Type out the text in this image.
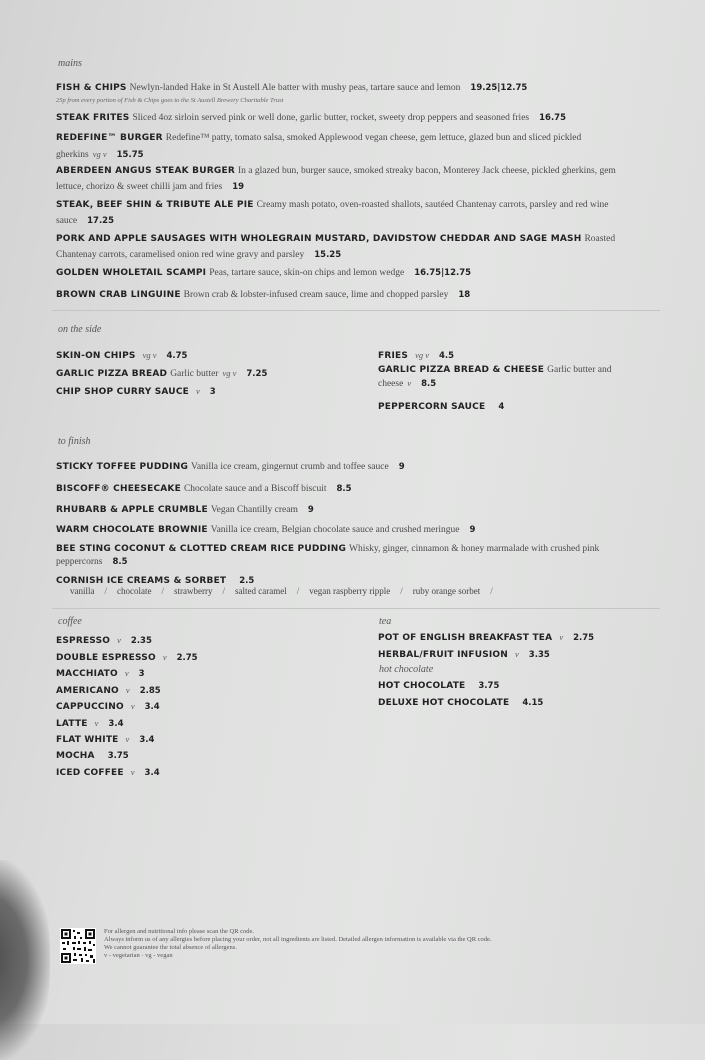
mains
FISH & CHIPS Newlyn-landed Hake in St Austell Ale batter with mushy peas, tartare sauce and lemon 19.25|12.75
STEAK FRITES Sliced 4oz sirloin served pink or well done, garlic butter, rocket, sweety drop peppers and seasoned fries 16.75
REDEFINE™ BURGER Redefine™ patty, tomato salsa, smoked Applewood vegan cheese, gem lettuce, glazed bun and sliced pickled gherkins vg v 15.75
ABERDEEN ANGUS STEAK BURGER In a glazed bun, burger sauce, smoked streaky bacon, Monterey Jack cheese, pickled gherkins, gem lettuce, chorizo & sweet chilli jam and fries 19
STEAK, BEEF SHIN & TRIBUTE ALE PIE Creamy mash potato, oven-roasted shallots, sautéed Chantenay carrots, parsley and red wine sauce 17.25
PORK AND APPLE SAUSAGES WITH WHOLEGRAIN MUSTARD, DAVIDSTOW CHEDDAR AND SAGE MASH Roasted Chantenay carrots, caramelised onion red wine gravy and parsley 15.25
GOLDEN WHOLETAIL SCAMPI Peas, tartare sauce, skin-on chips and lemon wedge 16.75|12.75
BROWN CRAB LINGUINE Brown crab & lobster-infused cream sauce, lime and chopped parsley 18
25p from every portion of Fish & Chips goes to the St Austell Brewery Charitable Trust
on the side
SKIN-ON CHIPS vg v 4.75
GARLIC PIZZA BREAD Garlic butter vg v 7.25
CHIP SHOP CURRY SAUCE v 3
FRIES vg v 4.5
GARLIC PIZZA BREAD & CHEESE Garlic butter and cheese v 8.5
PEPPERCORN SAUCE 4
to finish
STICKY TOFFEE PUDDING Vanilla ice cream, gingernut crumb and toffee sauce 9
BISCOFF® CHEESECAKE Chocolate sauce and a Biscoff biscuit 8.5
RHUBARB & APPLE CRUMBLE Vegan Chantilly cream 9
WARM CHOCOLATE BROWNIE Vanilla ice cream, Belgian chocolate sauce and crushed meringue 9
BEE STING COCONUT & CLOTTED CREAM RICE PUDDING Whisky, ginger, cinnamon & honey marmalade with crushed pink peppercorns 8.5
CORNISH ICE CREAMS & SORBET 2.5
vanilla / chocolate / strawberry / salted caramel / vegan raspberry ripple / ruby orange sorbet /
coffee
ESPRESSO v 2.35
DOUBLE ESPRESSO v 2.75
MACCHIATO v 3
AMERICANO v 2.85
CAPPUCCINO v 3.4
LATTE v 3.4
FLAT WHITE v 3.4
MOCHA 3.75
ICED COFFEE v 3.4
tea
POT OF ENGLISH BREAKFAST TEA v 2.75
HERBAL/FRUIT INFUSION v 3.35
hot chocolate
HOT CHOCOLATE 3.75
DELUXE HOT CHOCOLATE 4.15
For allergen and nutritional info please scan the QR code.
Always inform us of any allergies before placing your order, not all ingredients are listed. Detailed allergen information is available via the QR code.
We cannot guarantee the total absence of allergens.
v - vegetarian · vg - vegan
